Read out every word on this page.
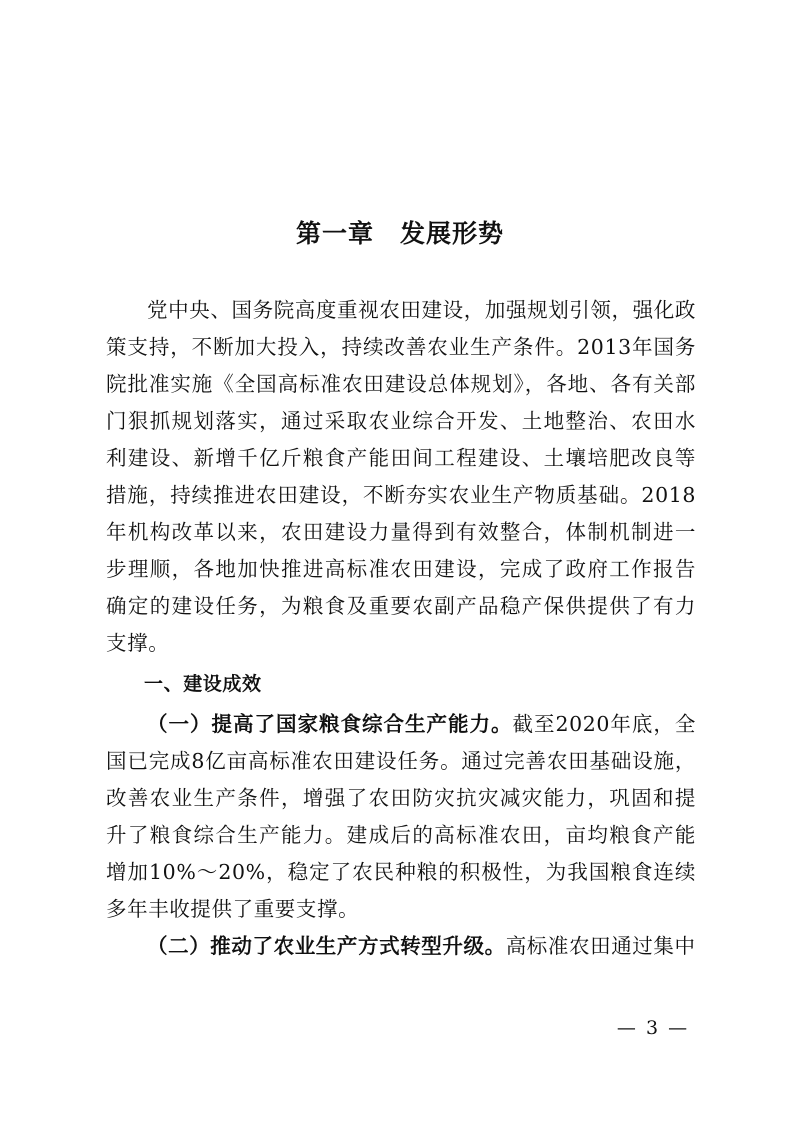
第一章　发展形势

党中央、国务院高度重视农田建设，加强规划引领，强化政策支持，不断加大投入，持续改善农业生产条件。2013年国务院批准实施《全国高标准农田建设总体规划》，各地、各有关部门狠抓规划落实，通过采取农业综合开发、土地整治、农田水利建设、新增千亿斤粮食产能田间工程建设、土壤培肥改良等措施，持续推进农田建设，不断夯实农业生产物质基础。2018年机构改革以来，农田建设力量得到有效整合，体制机制进一步理顺，各地加快推进高标准农田建设，完成了政府工作报告确定的建设任务，为粮食及重要农副产品稳产保供提供了有力支撑。

一、建设成效

（一）提高了国家粮食综合生产能力。截至2020年底，全国已完成8亿亩高标准农田建设任务。通过完善农田基础设施，改善农业生产条件，增强了农田防灾抗灾减灾能力，巩固和提升了粮食综合生产能力。建成后的高标准农田，亩均粮食产能增加10%～20%，稳定了农民种粮的积极性，为我国粮食连续多年丰收提供了重要支撑。

（二）推动了农业生产方式转型升级。高标准农田通过集中

— 3 —
